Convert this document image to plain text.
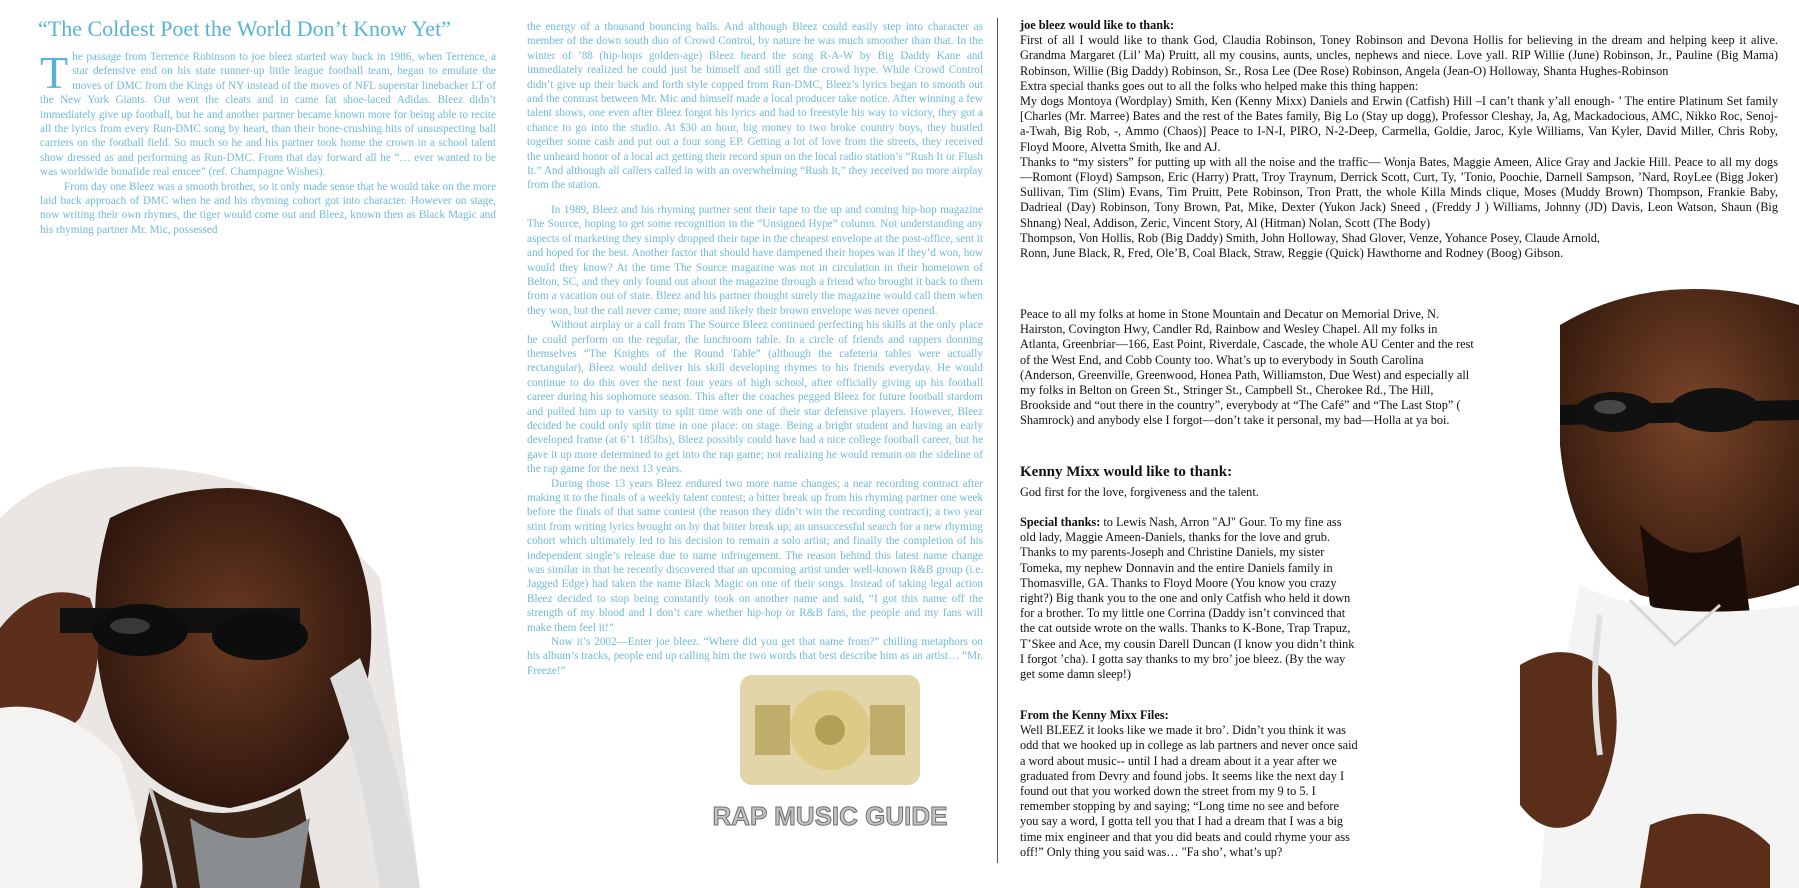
“The Coldest Poet the World Don’t Know Yet”

The passage from Terrence Robinson to joe bleez started way back in 1986, when Terrence, a star defensive end on his state runner-up little league football team, began to emulate the moves of DMC from the Kings of NY instead of the moves of NFL superstar linebacker LT of the New York Giants. Out went the cleats and in came fat shoe-laced Adidas. Bleez didn’t immediately give up football, but he and another partner became known more for being able to recite all the lyrics from every Run-DMC song by heart, than their bone-crushing hits of unsuspecting ball carriers on the football field. So much so he and his partner took home the crown in a school talent show dressed as and performing as Run-DMC. From that day forward all he “… ever wanted to be was worldwide bonafide real emcee” (ref. Champagne Wishes).

From day one Bleez was a smooth brother, so it only made sense that he would take on the more laid back approach of DMC when he and his rhyming cohort got into character. However on stage, now writing their own rhymes, the tiger would come out and Bleez, known then as Black Magic and his rhyming partner Mr. Mic, possessed

the energy of a thousand bouncing balls. And although Bleez could easily step into character as member of the down south duo of Crowd Control, by nature he was much smoother than that. In the winter of ’88 (hip-hops golden-age) Bleez heard the song R-A-W by Big Daddy Kane and immediately realized he could just be himself and still get the crowd hype. While Crowd Control didn’t give up their back and forth style copped from Run-DMC, Bleez’s lyrics began to smooth out and the contrast between Mr. Mic and himself made a local producer take notice. After winning a few talent shows, one even after Bleez forgot his lyrics and had to freestyle his way to victory, they got a chance to go into the studio. At $30 an hour, big money to two broke country boys, they hustled together some cash and put out a four song EP. Getting a lot of love from the streets, they received the unheard honor of a local act getting their record spun on the local radio station’s “Rush It or Flush It.” And although all callers called in with an overwhelming “Rush It,” they received no more airplay from the station.

In 1989, Bleez and his rhyming partner sent their tape to the up and coming hip-hop magazine The Source, hoping to get some recognition in the “Unsigned Hype” column. Not understanding any aspects of marketing they simply dropped their tape in the cheapest envelope at the post-office, sent it and hoped for the best. Another factor that should have dampened their hopes was if they’d won, how would they know? At the time The Source magazine was not in circulation in their hometown of Belton, SC, and they only found out about the magazine through a friend who brought it back to them from a vacation out of state. Bleez and his partner thought surely the magazine would call them when they won, but the call never came; more and likely their brown envelope was never opened.

Without airplay or a call from The Source Bleez continued perfecting his skills at the only place he could perform on the regular, the lunchroom table. In a circle of friends and rappers donning themselves “The Knights of the Round Table” (although the cafeteria tables were actually rectangular), Bleez would deliver his skill developing rhymes to his friends everyday. He would continue to do this over the next four years of high school, after officially giving up his football career during his sophomore season. This after the coaches pegged Bleez for future football stardom and pulled him up to varsity to split time with one of their star defensive players. However, Bleez decided he could only split time in one place: on stage. Being a bright student and having an early developed frame (at 6’1 185lbs), Bleez possibly could have had a nice college football career, but he gave it up more determined to get into the rap game; not realizing he would remain on the sideline of the rap game for the next 13 years.

During those 13 years Bleez endured two more name changes; a near recording contract after making it to the finals of a weekly talent contest; a bitter break up from his rhyming partner one week before the finals of that same contest (the reason they didn’t win the recording contract); a two year stint from writing lyrics brought on by that bitter break up; an unsuccessful search for a new rhyming cohort which ultimately led to his decision to remain a solo artist; and finally the completion of his independent single’s release due to name infringement. The reason behind this latest name change was similar in that he recently discovered that an upcoming artist under well-known R&B group (i.e. Jagged Edge) had taken the name Black Magic on one of their songs. Instead of taking legal action Bleez decided to stop being constantly took on another name and said, “I got this name off the strength of my blood and I don’t care whether hip-hop or R&B fans, the people and my fans will make them feel it!”

Now it’s 2002—Enter joe bleez. “Where did you get that name from?” chilling metaphors on his album’s tracks, people end up calling him the two words that best describe him as an artist… “Mr. Freeze!”

RAP MUSIC GUIDE

joe bleez would like to thank:

First of all I would like to thank God, Claudia Robinson, Toney Robinson and Devona Hollis for believing in the dream and helping keep it alive. Grandma Margaret (Lil’ Ma) Pruitt, all my cousins, aunts, uncles, nephews and niece. Love yall. RIP Willie (June) Robinson, Jr., Pauline (Big Mama) Robinson, Willie (Big Daddy) Robinson, Sr., Rosa Lee (Dee Rose) Robinson, Angela (Jean-O) Holloway, Shanta Hughes-Robinson

Extra special thanks goes out to all the folks who helped make this thing happen:

My dogs Montoya (Wordplay) Smith, Ken (Kenny Mixx) Daniels and Erwin (Catfish) Hill –I can’t thank y’all enough- ’ The entire Platinum Set family [Charles (Mr. Marree) Bates and the rest of the Bates family, Big Lo (Stay up dogg), Professor Cleshay, Ja, Ag, Mackadocious, AMC, Nikko Roc, Senoj-a-Twah, Big Rob, -, Ammo (Chaos)] Peace to I-N-I, PIRO, N-2-Deep, Carmella, Goldie, Jaroc, Kyle Williams, Van Kyler, David Miller, Chris Roby, Floyd Moore, Alvetta Smith, Ike and AJ.

Thanks to “my sisters” for putting up with all the noise and the traffic— Wonja Bates, Maggie Ameen, Alice Gray and Jackie Hill. Peace to all my dogs—Romont (Floyd) Sampson, Eric (Harry) Pratt, Troy Traynum, Derrick Scott, Curt, Ty, ’Tonio, Poochie, Darnell Sampson, ’Nard, RoyLee (Bigg Joker) Sullivan, Tim (Slim) Evans, Tim Pruitt, Pete Robinson, Tron Pratt, the whole Killa Minds clique, Moses (Muddy Brown) Thompson, Frankie Baby, Dadrieal (Day) Robinson, Tony Brown, Pat, Mike, Dexter (Yukon Jack) Sneed , (Freddy J ) Williams, Johnny (JD) Davis, Leon Watson, Shaun (Big Shnang) Neal, Addison, Zeric, Vincent Story, Al (Hitman) Nolan, Scott (The Body)

Thompson, Von Hollis, Rob (Big Daddy) Smith, John Holloway, Shad Glover, Venze, Yohance Posey, Claude Arnold, Ronn, June Black, R, Fred, Ole’B, Coal Black, Straw, Reggie (Quick) Hawthorne and Rodney (Boog) Gibson.

Peace to all my folks at home in Stone Mountain and Decatur on Memorial Drive, N. Hairston, Covington Hwy, Candler Rd, Rainbow and Wesley Chapel. All my folks in Atlanta, Greenbriar—166, East Point, Riverdale, Cascade, the whole AU Center and the rest of the West End, and Cobb County too. What’s up to everybody in South Carolina (Anderson, Greenville, Greenwood, Honea Path, Williamston, Due West) and especially all my folks in Belton on Green St., Stringer St., Campbell St., Cherokee Rd., The Hill, Brookside and “out there in the country”, everybody at “The Café” and “The Last Stop” ( Shamrock) and anybody else I forgot—don’t take it personal, my bad—Holla at ya boi.

Kenny Mixx would like to thank:

God first for the love, forgiveness and the talent.

Special thanks: to Lewis Nash, Arron "AJ" Gour. To my fine ass old lady, Maggie Ameen-Daniels, thanks for the love and grub. Thanks to my parents-Joseph and Christine Daniels, my sister Tomeka, my nephew Donnavin and the entire Daniels family in Thomasville, GA. Thanks to Floyd Moore (You know you crazy right?) Big thank you to the one and only Catfish who held it down for a brother. To my little one Corrina (Daddy isn’t convinced that the cat outside wrote on the walls. Thanks to K-Bone, Trap Trapuz, T’Skee and Ace, my cousin Darell Duncan (I know you didn’t think I forgot ’cha). I gotta say thanks to my bro’ joe bleez. (By the way get some damn sleep!)

From the Kenny Mixx Files:

Well BLEEZ it looks like we made it bro’. Didn’t you think it was odd that we hooked up in college as lab partners and never once said a word about music-- until I had a dream about it a year after we graduated from Devry and found jobs. It seems like the next day I found out that you worked down the street from my 9 to 5. I remember stopping by and saying; “Long time no see and before you say a word, I gotta tell you that I had a dream that I was a big time mix engineer and that you did beats and could rhyme your ass off!” Only thing you said was… "Fa sho’, what’s up?
